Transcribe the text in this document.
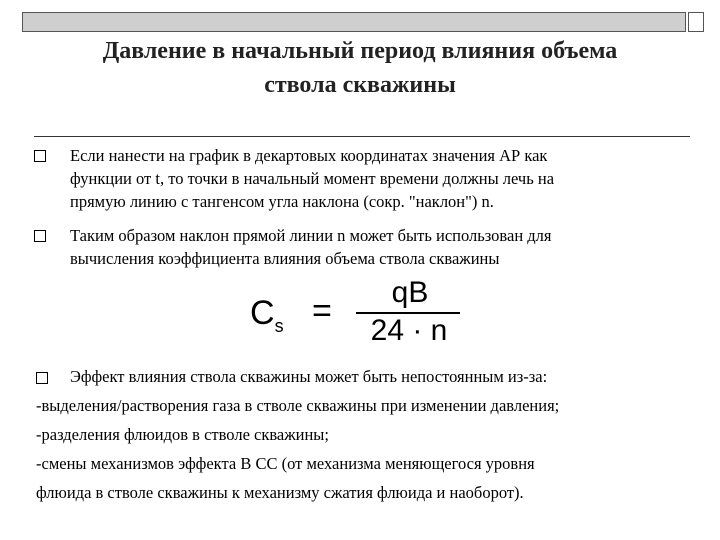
Давление в начальный период влияния объема
ствола скважины
Если нанести на график в декартовых координатах значения АР как
функции от t, то точки в начальный момент времени должны лечь на
прямую линию с тангенсом угла наклона (сокр. "наклон") n.
Таким образом наклон прямой линии n может быть использован для
вычисления коэффициента влияния объема ствола скважины
$C_s$ =	qB
24 · n
Эффект влияния ствола скважины может быть непостоянным из-за:
-выделения/растворения газа в стволе скважины при изменении давления;
-разделения флюидов в стволе скважины;
-смены механизмов эффекта В СС (от механизма меняющегося уровня
флюида в стволе скважины к механизму сжатия флюида и наоборот).
